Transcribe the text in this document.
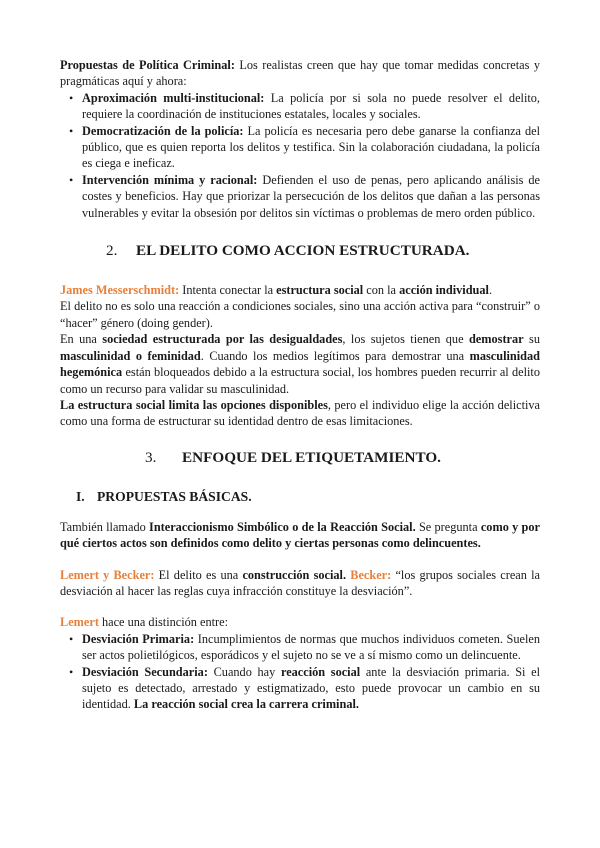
Propuestas de Política Criminal: Los realistas creen que hay que tomar medidas concretas y pragmáticas aquí y ahora:

• Aproximación multi-institucional: La policía por si sola no puede resolver el delito, requiere la coordinación de instituciones estatales, locales y sociales.
• Democratización de la policía: La policía es necesaria pero debe ganarse la confianza del público, que es quien reporta los delitos y testifica. Sin la colaboración ciudadana, la policía es ciega e ineficaz.
• Intervención mínima y racional: Defienden el uso de penas, pero aplicando análisis de costes y beneficios. Hay que priorizar la persecución de los delitos que dañan a las personas vulnerables y evitar la obsesión por delitos sin víctimas o problemas de mero orden público.
2. EL DELITO COMO ACCION ESTRUCTURADA.

James Messerschmidt: Intenta conectar la estructura social con la acción individual.

El delito no es solo una reacción a condiciones sociales, sino una acción activa para “construir” o “hacer” género (doing gender).

En una sociedad estructurada por las desigualdades, los sujetos tienen que demostrar su masculinidad o feminidad. Cuando los medios legítimos para demostrar una masculinidad hegemónica están bloqueados debido a la estructura social, los hombres pueden recurrir al delito como un recurso para validar su masculinidad.

La estructura social limita las opciones disponibles, pero el individuo elige la acción delictiva como una forma de estructurar su identidad dentro de esas limitaciones.

3. ENFOQUE DEL ETIQUETAMIENTO.
I. PROPUESTAS BÁSICAS.

También llamado Interaccionismo Simbólico o de la Reacción Social. Se pregunta como y por qué ciertos actos son definidos como delito y ciertas personas como delincuentes.

Lemert y Becker: El delito es una construcción social. Becker: “los grupos sociales crean la desviación al hacer las reglas cuya infracción constituye la desviación”.

Lemert hace una distinción entre:

• Desviación Primaria: Incumplimientos de normas que muchos individuos cometen. Suelen ser actos polietilógicos, esporádicos y el sujeto no se ve a sí mismo como un delincuente.
• Desviación Secundaria: Cuando hay reacción social ante la desviación primaria. Si el sujeto es detectado, arrestado y estigmatizado, esto puede provocar un cambio en su identidad. La reacción social crea la carrera criminal.
